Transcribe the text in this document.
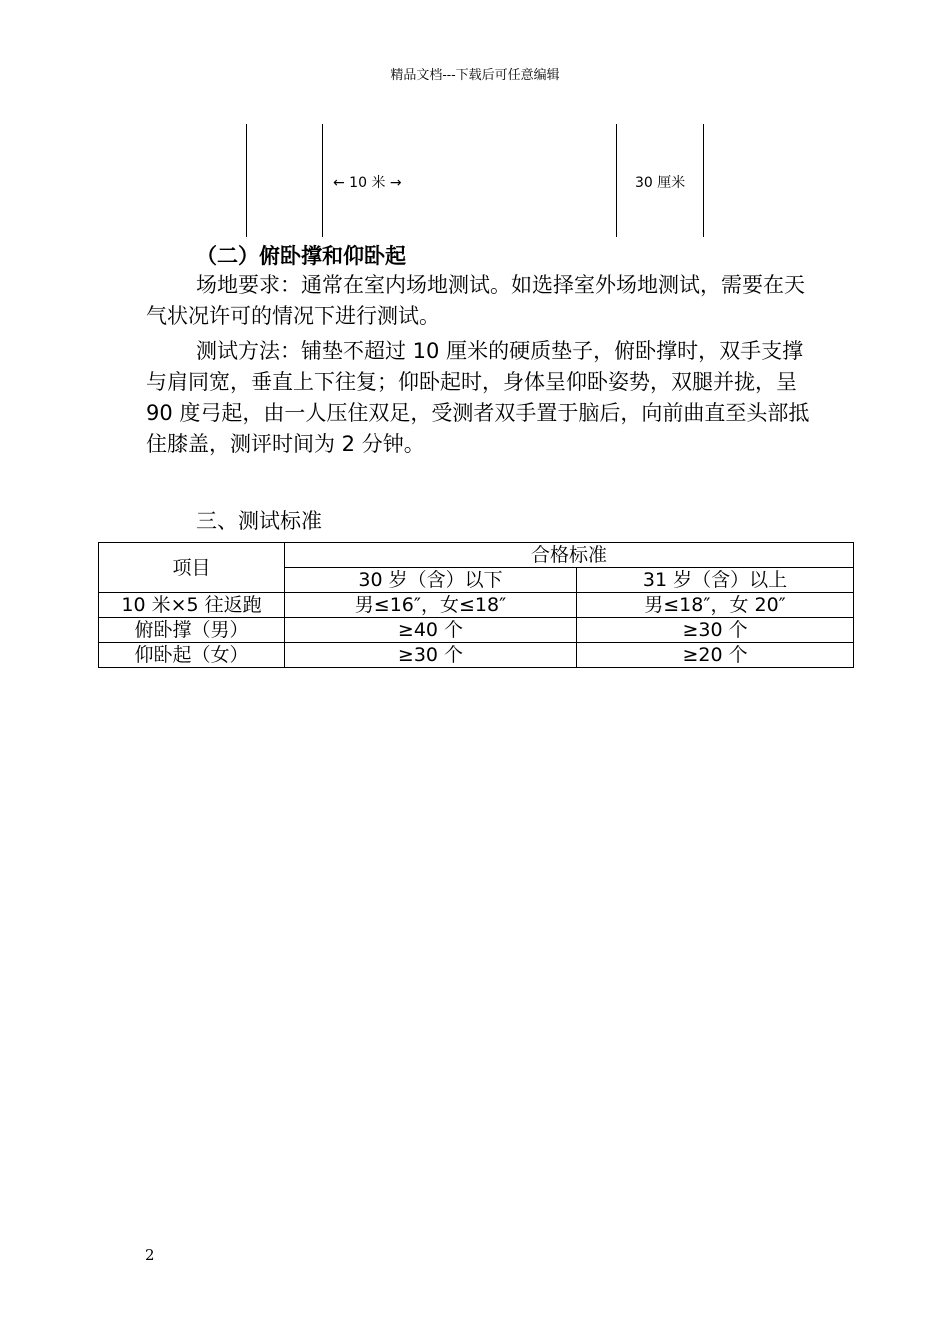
精品文档---下载后可任意编辑
← 10 米 →	30 厘米
（二）俯卧撑和仰卧起

场地要求：通常在室内场地测试。如选择室外场地测试，需要在天气状况许可的情况下进行测试。

测试方法：铺垫不超过 10 厘米的硬质垫子，俯卧撑时，双手支撑与肩同宽，垂直上下往复；仰卧起时，身体呈仰卧姿势，双腿并拢，呈 90 度弓起，由一人压住双足，受测者双手置于脑后，向前曲直至头部抵住膝盖，测评时间为 2 分钟。

三、测试标准
项目	合格标准	
	30 岁（含）以下	31 岁（含）以上
10 米×5 往返跑	男≤16″，女≤18″	男≤18″，女 20″
俯卧撑（男）	≥40 个	≥30 个
仰卧起（女）	≥30 个	≥20 个
2
